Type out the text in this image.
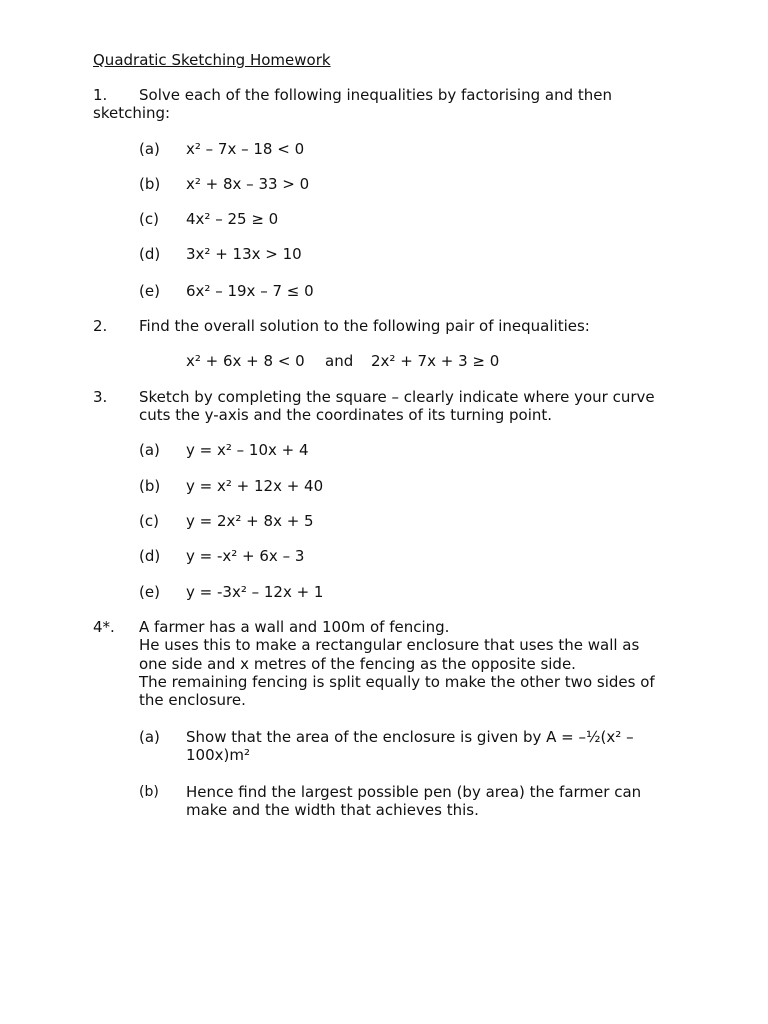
Quadratic Sketching Homework
1. Solve each of the following inequalities by factorising and then
sketching:
(a) x² – 7x – 18 < 0
(b) x² + 8x – 33 > 0
(c) 4x² – 25 ≥ 0
(d) 3x² + 13x > 10
(e) 6x² – 19x – 7 ≤ 0
2. Find the overall solution to the following pair of inequalities:
x² + 6x + 8 < 0 and 2x² + 7x + 3 ≥ 0
3. Sketch by completing the square – clearly indicate where your curve
cuts the y-axis and the coordinates of its turning point.
(a) y = x² – 10x + 4
(b) y = x² + 12x + 40
(c) y = 2x² + 8x + 5
(d) y = -x² + 6x – 3
(e) y = -3x² – 12x + 1
4*. A farmer has a wall and 100m of fencing.
He uses this to make a rectangular enclosure that uses the wall as
one side and x metres of the fencing as the opposite side.
The remaining fencing is split equally to make the other two sides of
the enclosure.
(a) Show that the area of the enclosure is given by A = –½(x² –
100x)m²
(b) Hence find the largest possible pen (by area) the farmer can
make and the width that achieves this.
